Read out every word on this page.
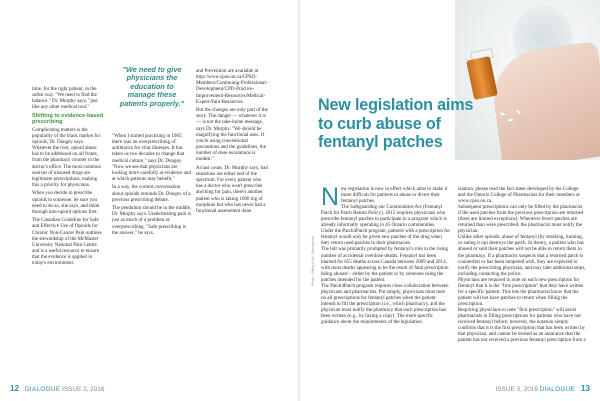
time, for the right patient, in the safest way. "We need to find the balance," Dr. Murphy says, "just like any other medical tool."

Shifting to evidence-based prescribing

Complicating matters is the popularity of the black market for opioids, Dr. Dungey says. Whatever the root, opioid abuse has to be addressed on all fronts, from the pharmacy counter to the doctor's office. The most common sources of misused drugs are legitimate prescriptions, making this a priority for physicians.

When you decide to prescribe opioids to someone, be sure you need to do so, she says, and think through non-opioid options first.

The Canadian Guideline for Safe and Effective Use of Opioids for Chronic Non-Cancer Pain outlines the stewardship of the McMaster University National Pain Centre and is a useful resource to ensure that the evidence is applied in today's environment.

"We need to give physicians the education to manage these patients properly."

"When I started practising in 1985, there was an overprescribing of antibiotics for viral illnesses. It has taken us two decades to change that medical culture," says Dr. Dungey. "Now we see that physicians are looking more carefully at evidence and at which patients may benefit."

In a way, the current conversation about opioids reminds Dr. Dungey of a previous prescribing debate.

The pendulum should be in the middle, Dr. Murphy says. Undertreating pain is just as much of a problem as overprescribing. "Safe prescribing is the answer," he says.

and Prevention are available at http://www.cpso.on.ca/CPSO-Members/Continuing-Professional-Development/CPD-Practice-Improvement-Resources/Medical-Expert-Pain-Resources.

But the changes are only part of the story. The danger — whatever it is — is not the take-home message, says Dr. Murphy. "We should be magnifying the functional uses. If you're using conventional precautions and the guidelines, the number of dose escalations is modest."

At last count, Dr. Murphy says, bad situations are either end of the spectrum. For every patient who has a doctor who won't prescribe anything for pain, there's another patient who is taking 1000 mg of morphine but who has never had a functional assessment done.

12 DIALOGUE ISSUE 3, 2016
New legislation aims to curb abuse of fentanyl patches
Photo: Sitting Bull / iStockphoto

New legislation is now in effect which aims to make it more difficult for patients to abuse or divert their fentanyl patches.

The Safeguarding our Communities Act (Fentanyl Patch for Patch Return Policy), 2015 requires physicians who prescribe fentanyl patches to participate in a program which is already informally operating in 45 Ontario communities.

Under the Patch4Patch program, patients with a prescription for fentanyl would only be given new patches of the drug when they return used patches to their pharmacies.

The bill was primarily prompted by fentanyl's role in the rising number of accidental overdose deaths. Fentanyl has been blamed for 655 deaths across Canada between 2009 and 2014, with most deaths appearing to be the result of fatal prescription being abused – either by the patient or by someone using the patches intended for the patient.

The Patch4Patch program requires close collaboration between physicians and pharmacists. Put simply, physicians must note on all prescriptions for fentanyl patches when the patient intends to fill the prescription (i.e., which pharmacy), and the physician must notify the pharmacy that each prescription has been written (e.g., by faxing a copy). The more specific guidance about the requirements of the legislation

islation, please read the fact sheet developed by the College and the Ontario College of Pharmacists for their members at www.cpso.on.ca.

Subsequent prescriptions can only be filled by the pharmacist if the used patches from the previous prescription are returned (there are limited exceptions). Whenever fewer patches are returned than were prescribed, the pharmacist must notify the physician.

Unlike other opioids, abuse of fentanyl (by smoking, burning, or eating it up) destroys the patch. In theory, a patient who has abused or sold their patches will not be able to return them to the pharmacy. If a pharmacist suspects that a returned patch is counterfeit or has been tampered with, they are expected to notify the prescribing physician, and may take additional steps, including contacting the police.

Physicians are required to note on each new prescription for fentanyl that it is the "first prescription" that they have written for a specific patient. This lets the pharmacist know that the patient will not have patches to return when filling the prescription.

Requiring physicians to note "first prescription" will assist pharmacists in filling prescriptions for patients who have not received fentanyl before; however, the notation simply confirms that it is the first prescription that has been written by that physician, and cannot be treated as an assurance that the patient has not received a previous fentanyl prescription from a

ISSUE 3, 2016 DIALOGUE 13
